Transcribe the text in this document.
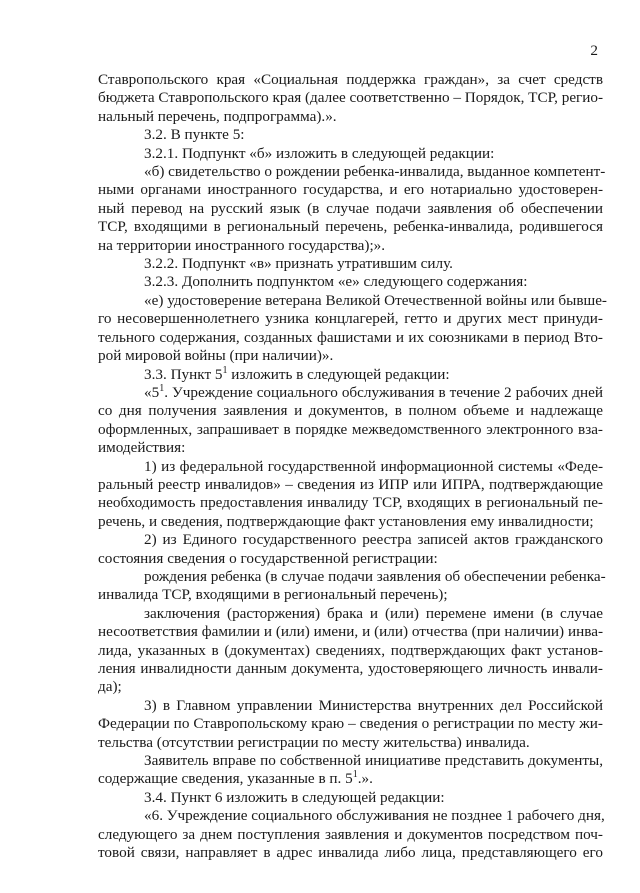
2
Ставропольского края «Социальная поддержка граждан», за счет средств
бюджета Ставропольского края (далее соответственно – Порядок, ТСР, регио-
нальный перечень, подпрограмма).».
3.2. В пункте 5:
3.2.1. Подпункт «б» изложить в следующей редакции:
«б) свидетельство о рождении ребенка-инвалида, выданное компетент-
ными органами иностранного государства, и его нотариально удостоверен-
ный перевод на русский язык (в случае подачи заявления об обеспечении
ТСР, входящими в региональный перечень, ребенка-инвалида, родившегося
на территории иностранного государства);».
3.2.2. Подпункт «в» признать утратившим силу.
3.2.3. Дополнить подпунктом «е» следующего содержания:
«е) удостоверение ветерана Великой Отечественной войны или бывше-
го несовершеннолетнего узника концлагерей, гетто и других мест принуди-
тельного содержания, созданных фашистами и их союзниками в период Вто-
рой мировой войны (при наличии)».
3.3. Пункт $5^1$ изложить в следующей редакции:
«$5^1$. Учреждение социального обслуживания в течение 2 рабочих дней
со дня получения заявления и документов, в полном объеме и надлежаще
оформленных, запрашивает в порядке межведомственного электронного вза-
имодействия:
1) из федеральной государственной информационной системы «Феде-
ральный реестр инвалидов» – сведения из ИПР или ИПРА, подтверждающие
необходимость предоставления инвалиду ТСР, входящих в региональный пе-
речень, и сведения, подтверждающие факт установления ему инвалидности;
2) из Единого государственного реестра записей актов гражданского
состояния сведения о государственной регистрации:
рождения ребенка (в случае подачи заявления об обеспечении ребенка-
инвалида ТСР, входящими в региональный перечень);
заключения (расторжения) брака и (или) перемене имени (в случае
несоответствия фамилии и (или) имени, и (или) отчества (при наличии) инва-
лида, указанных в (документах) сведениях, подтверждающих факт установ-
ления инвалидности данным документа, удостоверяющего личность инвали-
да);
3) в Главном управлении Министерства внутренних дел Российской
Федерации по Ставропольскому краю – сведения о регистрации по месту жи-
тельства (отсутствии регистрации по месту жительства) инвалида.
Заявитель вправе по собственной инициативе представить документы,
содержащие сведения, указанные в п. $5^1$.».
3.4. Пункт 6 изложить в следующей редакции:
«6. Учреждение социального обслуживания не позднее 1 рабочего дня,
следующего за днем поступления заявления и документов посредством поч-
товой связи, направляет в адрес инвалида либо лица, представляющего его
